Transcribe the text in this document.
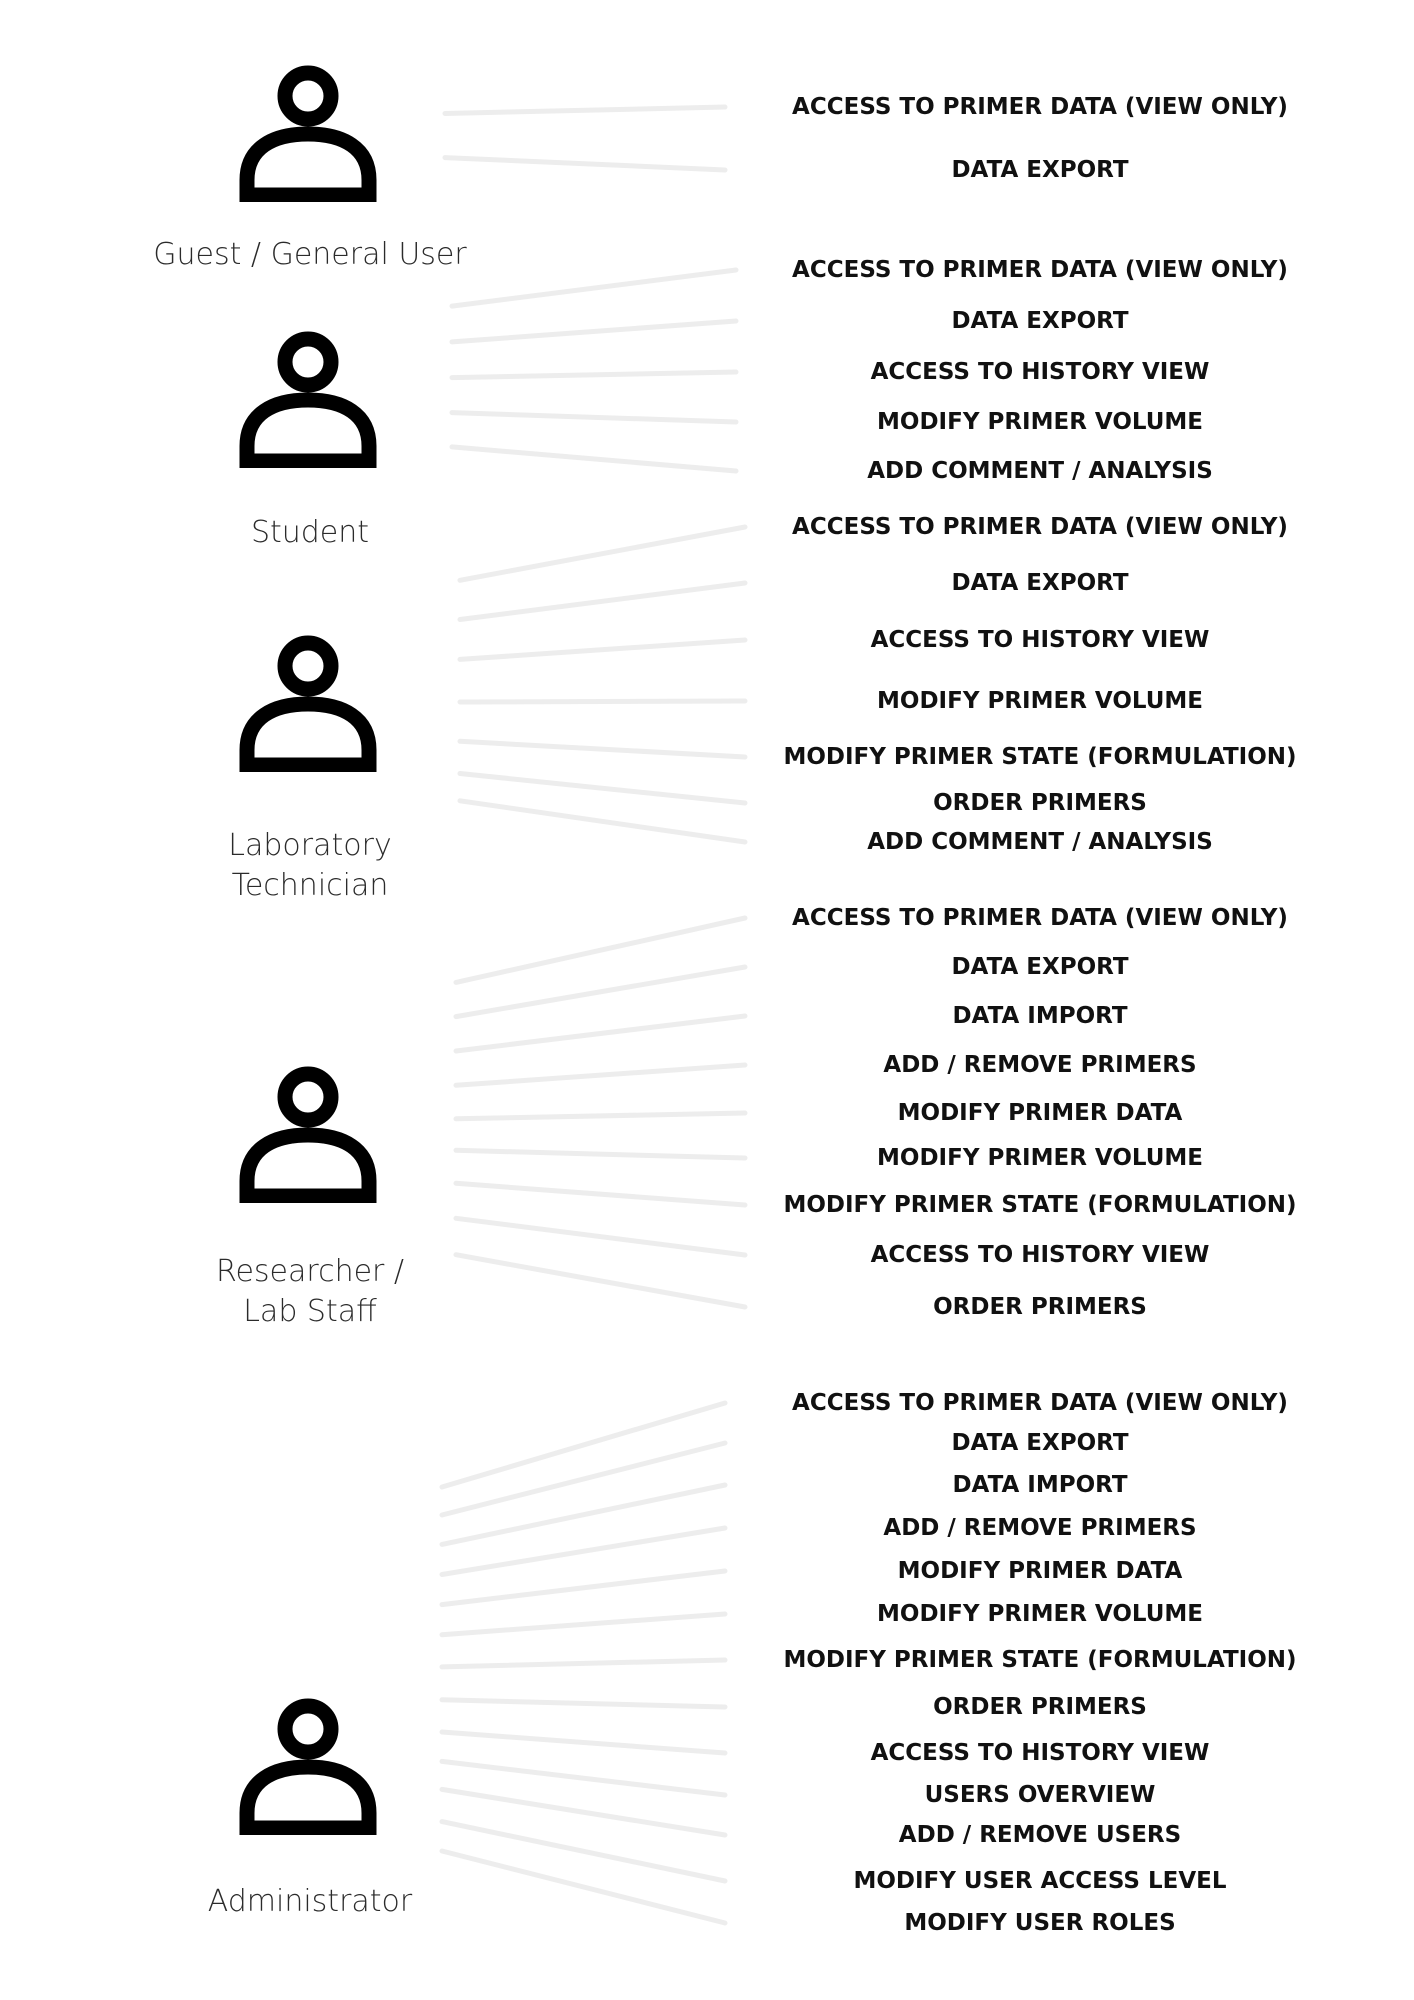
Guest / General User
ACCESS TO PRIMER DATA (VIEW ONLY)
DATA EXPORT
Student
ACCESS TO PRIMER DATA (VIEW ONLY)
DATA EXPORT
ACCESS TO HISTORY VIEW
MODIFY PRIMER VOLUME
ADD COMMENT / ANALYSIS
Laboratory
Technician
ACCESS TO PRIMER DATA (VIEW ONLY)
DATA EXPORT
ACCESS TO HISTORY VIEW
MODIFY PRIMER VOLUME
MODIFY PRIMER STATE (FORMULATION)
ORDER PRIMERS
ADD COMMENT / ANALYSIS
Researcher /
Lab Staff
ACCESS TO PRIMER DATA (VIEW ONLY)
DATA EXPORT
DATA IMPORT
ADD / REMOVE PRIMERS
MODIFY PRIMER DATA
MODIFY PRIMER VOLUME
MODIFY PRIMER STATE (FORMULATION)
ACCESS TO HISTORY VIEW
ORDER PRIMERS
Administrator
ACCESS TO PRIMER DATA (VIEW ONLY)
DATA EXPORT
DATA IMPORT
ADD / REMOVE PRIMERS
MODIFY PRIMER DATA
MODIFY PRIMER VOLUME
MODIFY PRIMER STATE (FORMULATION)
ORDER PRIMERS
ACCESS TO HISTORY VIEW
USERS OVERVIEW
ADD / REMOVE USERS
MODIFY USER ACCESS LEVEL
MODIFY USER ROLES
